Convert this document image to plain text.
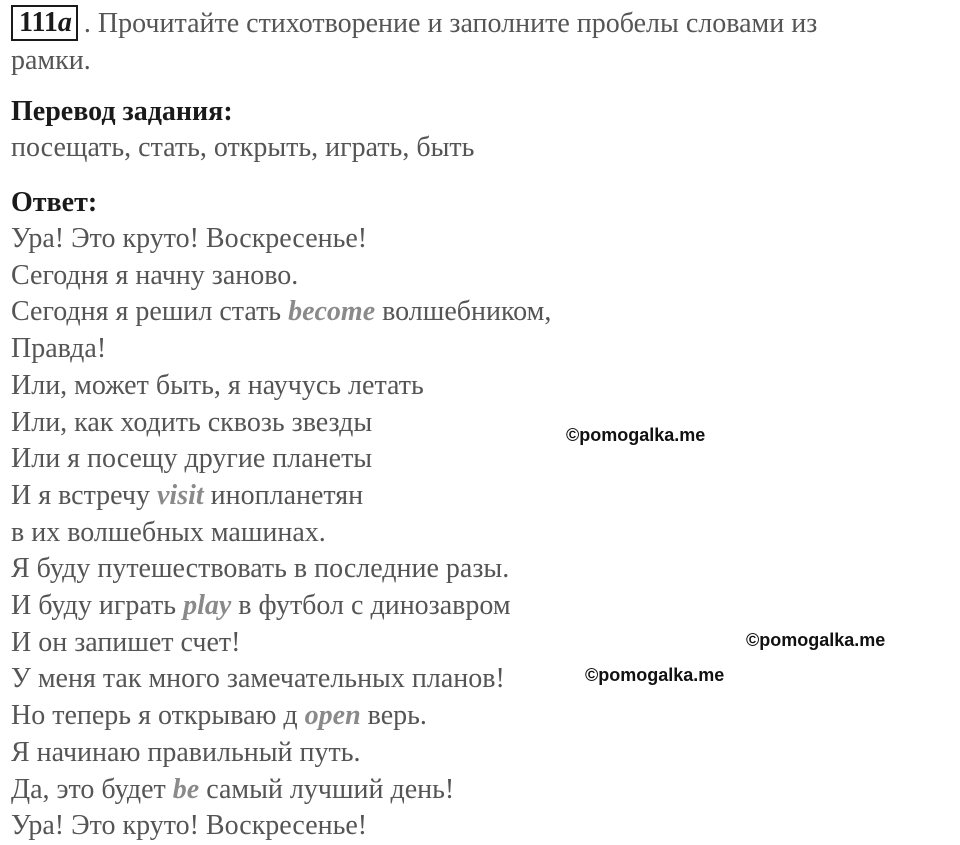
111a . Прочитайте стихотворение и заполните пробелы словами из
рамки.
Перевод задания:
посещать, стать, открыть, играть, быть
Ответ:
Ура! Это круто! Воскресенье!
Сегодня я начну заново.
Сегодня я решил стать become волшебником,
Правда!
Или, может быть, я научусь летать
Или, как ходить сквозь звезды
Или я посещу другие планеты
И я встречу visit инопланетян
в их волшебных машинах.
Я буду путешествовать в последние разы.
И буду играть play в футбол с динозавром
И он запишет счет!
У меня так много замечательных планов!
Но теперь я открываю д open верь.
Я начинаю правильный путь.
Да, это будет be самый лучший день!
Ура! Это круто! Воскресенье!
©pomogalka.me
©pomogalka.me
©pomogalka.me
